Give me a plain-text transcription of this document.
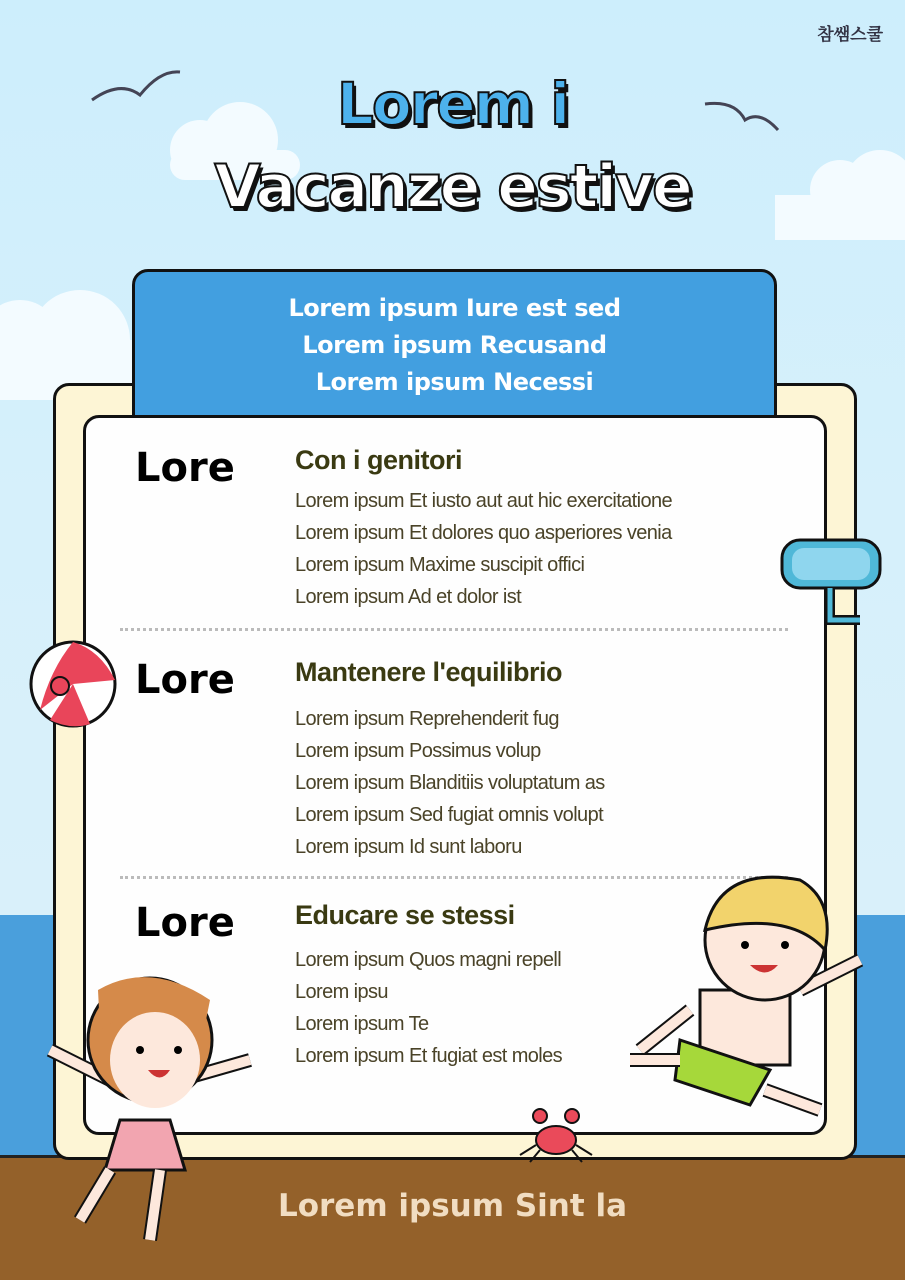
참쌤스쿨
Lorem i
Vacanze estive
Lorem ipsum Iure est sed
Lorem ipsum Recusand
Lorem ipsum Necessi
Lore Con i genitori
Lorem ipsum Et iusto aut aut hic exercitatione
Lorem ipsum Et dolores quo asperiores venia
Lorem ipsum Maxime suscipit offici
Lorem ipsum Ad et dolor ist
Lore Mantenere l'equilibrio
Lorem ipsum Reprehenderit fug
Lorem ipsum Possimus volup
Lorem ipsum Blanditiis voluptatum as
Lorem ipsum Sed fugiat omnis volupt
Lorem ipsum Id sunt laboru
Lore Educare se stessi
Lorem ipsum Quos magni repell
Lorem ipsu
Lorem ipsum Te
Lorem ipsum Et fugiat est moles
Lorem ipsum Sint la
